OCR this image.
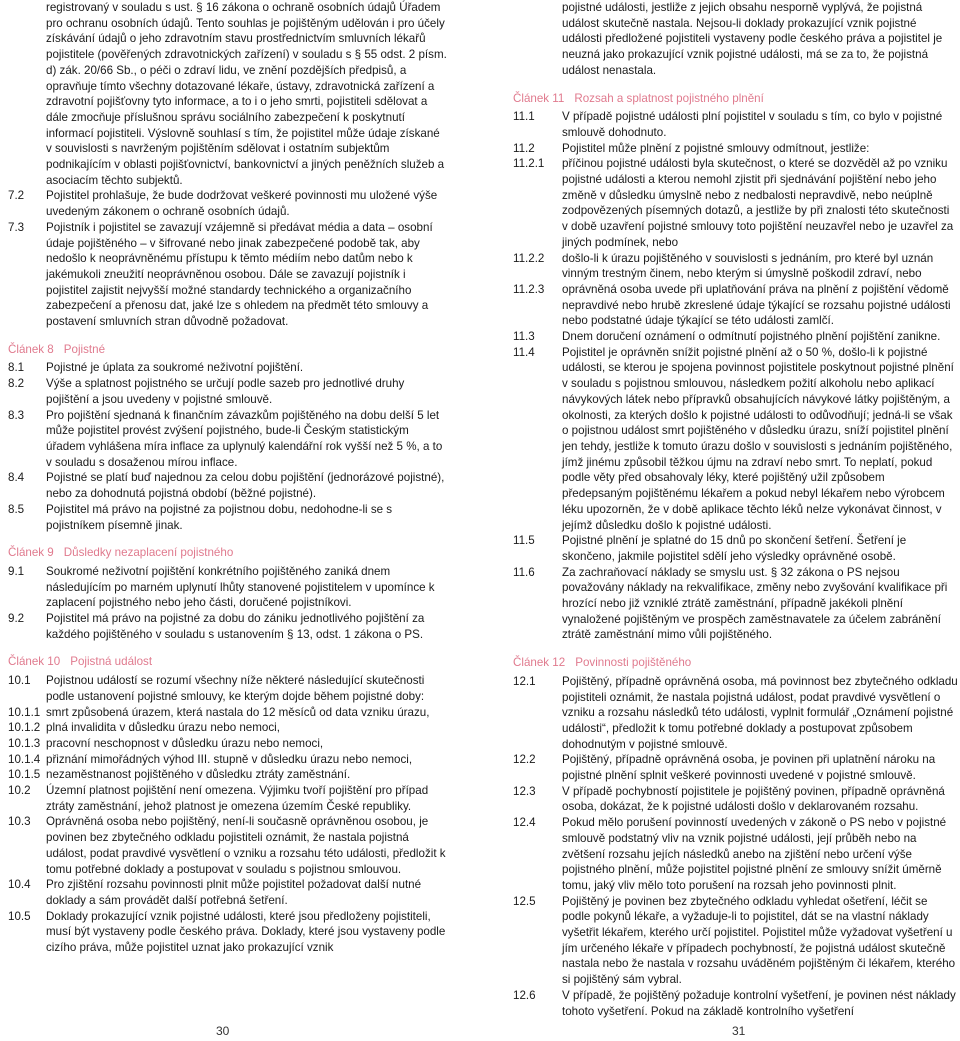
registrovaný v souladu s ust. § 16 zákona o ochraně osobních údajů Úřadem pro ochranu osobních údajů. Tento souhlas je pojištěným udělován i pro účely získávání údajů o jeho zdravotním stavu prostřednictvím smluvních lékařů pojistitele (pověřených zdravotnických zařízení) v souladu s § 55 odst. 2 písm. d) zák. 20/66 Sb., o péči o zdraví lidu, ve znění pozdějších předpisů, a opravňuje tímto všechny dotazované lékaře, ústavy, zdravotnická zařízení a zdravotní pojišťovny tyto informace, a to i o jeho smrti, pojistiteli sdělovat a dále zmocňuje příslušnou správu sociálního zabezpečení k poskytnutí informací pojistiteli. Výslovně souhlasí s tím, že pojistitel může údaje získané v souvislosti s navrženým pojištěním sdělovat i ostatním subjektům podnikajícím v oblasti pojišťovnictví, bankovnictví a jiných peněžních služeb a asociacím těchto subjektů.
7.2	Pojistitel prohlašuje, že bude dodržovat veškeré povinnosti mu uložené výše uvedeným zákonem o ochraně osobních údajů.
7.3	Pojistník i pojistitel se zavazují vzájemně si předávat média a data – osobní údaje pojištěného – v šifrované nebo jinak zabezpečené podobě tak, aby nedošlo k neoprávněnému přístupu k těmto médiím nebo datům nebo k jakémukoli zneužití neoprávněnou osobou. Dále se zavazují pojistník i pojistitel zajistit nejvyšší možné standardy technického a organizačního zabezpečení a přenosu dat, jaké lze s ohledem na předmět této smlouvy a postavení smluvních stran důvodně požadovat.
Článek 8 Pojistné
8.1	Pojistné je úplata za soukromé neživotní pojištění.
8.2	Výše a splatnost pojistného se určují podle sazeb pro jednotlivé druhy pojištění a jsou uvedeny v pojistné smlouvě.
8.3	Pro pojištění sjednaná k finančním závazkům pojištěného na dobu delší 5 let může pojistitel provést zvýšení pojistného, bude-li Českým statistickým úřadem vyhlášena míra inflace za uplynulý kalendářní rok vyšší než 5 %, a to v souladu s dosaženou mírou inflace.
8.4	Pojistné se platí buď najednou za celou dobu pojištění (jednorázové pojistné), nebo za dohodnutá pojistná období (běžné pojistné).
8.5	Pojistitel má právo na pojistné za pojistnou dobu, nedohodne-li se s pojistníkem písemně jinak.
Článek 9 Důsledky nezaplacení pojistného
9.1	Soukromé neživotní pojištění konkrétního pojištěného zaniká dnem následujícím po marném uplynutí lhůty stanovené pojistitelem v upomínce k zaplacení pojistného nebo jeho části, doručené pojistníkovi.
9.2	Pojistitel má právo na pojistné za dobu do zániku jednotlivého pojištění za každého pojištěného v souladu s ustanovením § 13, odst. 1 zákona o PS.
Článek 10 Pojistná událost
10.1	Pojistnou událostí se rozumí všechny níže některé následující skutečnosti podle ustanovení pojistné smlouvy, ke kterým dojde během pojistné doby:
10.1.1 smrt způsobená úrazem, která nastala do 12 měsíců od data vzniku úrazu,
10.1.2 plná invalidita v důsledku úrazu nebo nemoci,
10.1.3 pracovní neschopnost v důsledku úrazu nebo nemoci,
10.1.4 přiznání mimořádných výhod III. stupně v důsledku úrazu nebo nemoci,
10.1.5 nezaměstnanost pojištěného v důsledku ztráty zaměstnání.
10.2	Územní platnost pojištění není omezena. Výjimku tvoří pojištění pro případ ztráty zaměstnání, jehož platnost je omezena územím České republiky.
10.3	Oprávněná osoba nebo pojištěný, není-li současně oprávněnou osobou, je povinen bez zbytečného odkladu pojistiteli oznámit, že nastala pojistná událost, podat pravdivé vysvětlení o vzniku a rozsahu této události, předložit k tomu potřebné doklady a postupovat v souladu s pojistnou smlouvou.
10.4	Pro zjištění rozsahu povinnosti plnit může pojistitel požadovat další nutné doklady a sám provádět další potřebná šetření.
10.5	Doklady prokazující vznik pojistné události, které jsou předloženy pojistiteli, musí být vystaveny podle českého práva. Doklady, které jsou vystaveny podle cizího práva, může pojistitel uznat jako prokazující vznik
pojistné události, jestliže z jejich obsahu nesporně vyplývá, že pojistná událost skutečně nastala. Nejsou-li doklady prokazující vznik pojistné události předložené pojistiteli vystaveny podle českého práva a pojistitel je neuzná jako prokazující vznik pojistné události, má se za to, že pojistná událost nenastala.
Článek 11 Rozsah a splatnost pojistného plnění
11.1	V případě pojistné události plní pojistitel v souladu s tím, co bylo v pojistné smlouvě dohodnuto.
11.2	Pojistitel může plnění z pojistné smlouvy odmítnout, jestliže:
11.2.1	příčinou pojistné události byla skutečnost, o které se dozvěděl až po vzniku pojistné události a kterou nemohl zjistit při sjednávání pojištění nebo jeho změně v důsledku úmyslně nebo z nedbalosti nepravdivě, nebo neúplně zodpovězených písemných dotazů, a jestliže by při znalosti této skutečnosti v době uzavření pojistné smlouvy toto pojištění neuzavřel nebo je uzavřel za jiných podmínek, nebo
11.2.2	došlo-li k úrazu pojištěného v souvislosti s jednáním, pro které byl uznán vinným trestným činem, nebo kterým si úmyslně poškodil zdraví, nebo
11.2.3	oprávněná osoba uvede při uplatňování práva na plnění z pojištění vědomě nepravdivé nebo hrubě zkreslené údaje týkající se rozsahu pojistné události nebo podstatné údaje týkající se této události zamlčí.
11.3	Dnem doručení oznámení o odmítnutí pojistného plnění pojištění zanikne.
11.4	Pojistitel je oprávněn snížit pojistné plnění až o 50 %, došlo-li k pojistné události, se kterou je spojena povinnost pojistitele poskytnout pojistné plnění v souladu s pojistnou smlouvou, následkem požití alkoholu nebo aplikací návykových látek nebo přípravků obsahujících návykové látky pojištěným, a okolnosti, za kterých došlo k pojistné události to odůvodňují; jedná-li se však o pojistnou událost smrt pojištěného v důsledku úrazu, sníží pojistitel plnění jen tehdy, jestliže k tomuto úrazu došlo v souvislosti s jednáním pojištěného, jímž jinému způsobil těžkou újmu na zdraví nebo smrt. To neplatí, pokud podle věty před obsahovaly léky, které pojištěný užil způsobem předepsaným pojištěnému lékařem a pokud nebyl lékařem nebo výrobcem léku upozorněn, že v době aplikace těchto léků nelze vykonávat činnost, v jejímž důsledku došlo k pojistné události.
11.5	Pojistné plnění je splatné do 15 dnů po skončení šetření. Šetření je skončeno, jakmile pojistitel sdělí jeho výsledky oprávněné osobě.
11.6	Za zachraňovací náklady se smyslu ust. § 32 zákona o PS nejsou považovány náklady na rekvalifikace, změny nebo zvyšování kvalifikace při hrozící nebo již vzniklé ztrátě zaměstnání, případně jakékoli plnění vynaložené pojištěným ve prospěch zaměstnavatele za účelem zabránění ztrátě zaměstnání mimo vůli pojištěného.
Článek 12 Povinnosti pojištěného
12.1	Pojištěný, případně oprávněná osoba, má povinnost bez zbytečného odkladu pojistiteli oznámit, že nastala pojistná událost, podat pravdivé vysvětlení o vzniku a rozsahu následků této události, vyplnit formulář „Oznámení pojistné události“, předložit k tomu potřebné doklady a postupovat způsobem dohodnutým v pojistné smlouvě.
12.2	Pojištěný, případně oprávněná osoba, je povinen při uplatnění nároku na pojistné plnění splnit veškeré povinnosti uvedené v pojistné smlouvě.
12.3	V případě pochybností pojistitele je pojištěný povinen, případně oprávněná osoba, dokázat, že k pojistné události došlo v deklarovaném rozsahu.
12.4	Pokud mělo porušení povinností uvedených v zákoně o PS nebo v pojistné smlouvě podstatný vliv na vznik pojistné události, její průběh nebo na zvětšení rozsahu jejích následků anebo na zjištění nebo určení výše pojistného plnění, může pojistitel pojistné plnění ze smlouvy snížit úměrně tomu, jaký vliv mělo toto porušení na rozsah jeho povinnosti plnit.
12.5	Pojištěný je povinen bez zbytečného odkladu vyhledat ošetření, léčit se podle pokynů lékaře, a vyžaduje-li to pojistitel, dát se na vlastní náklady vyšetřit lékařem, kterého určí pojistitel. Pojistitel může vyžadovat vyšetření u jím určeného lékaře v případech pochybností, že pojistná událost skutečně nastala nebo že nastala v rozsahu uváděném pojištěným či lékařem, kterého si pojištěný sám vybral.
12.6	V případě, že pojištěný požaduje kontrolní vyšetření, je povinen nést náklady tohoto vyšetření. Pokud na základě kontrolního vyšetření
30	31
